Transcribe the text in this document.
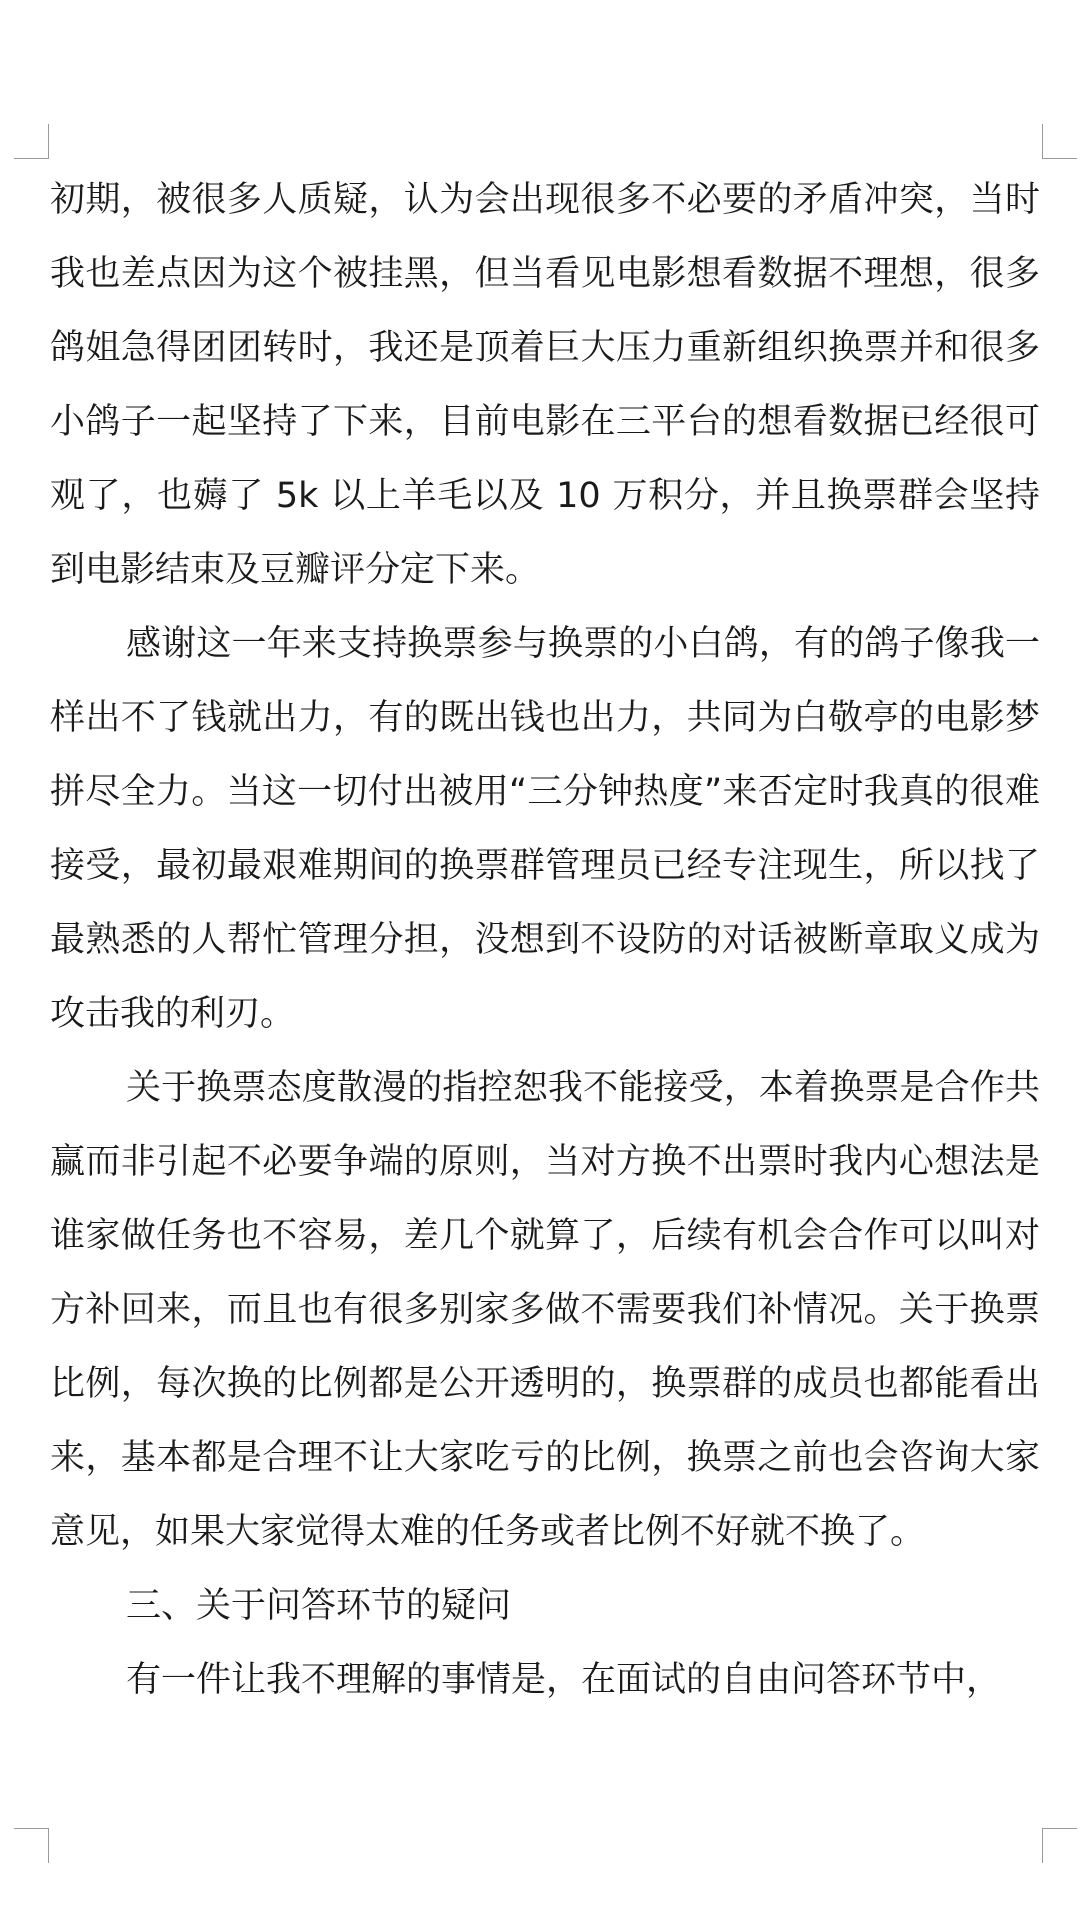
初期，被很多人质疑，认为会出现很多不必要的矛盾冲突，当时我也差点因为这个被挂黑，但当看见电影想看数据不理想，很多鸽姐急得团团转时，我还是顶着巨大压力重新组织换票并和很多小鸽子一起坚持了下来，目前电影在三平台的想看数据已经很可观了，也薅了 5k 以上羊毛以及 10 万积分，并且换票群会坚持到电影结束及豆瓣评分定下来。

感谢这一年来支持换票参与换票的小白鸽，有的鸽子像我一样出不了钱就出力，有的既出钱也出力，共同为白敬亭的电影梦拼尽全力。当这一切付出被用“三分钟热度”来否定时我真的很难接受，最初最艰难期间的换票群管理员已经专注现生，所以找了最熟悉的人帮忙管理分担，没想到不设防的对话被断章取义成为攻击我的利刃。

关于换票态度散漫的指控恕我不能接受，本着换票是合作共赢而非引起不必要争端的原则，当对方换不出票时我内心想法是谁家做任务也不容易，差几个就算了，后续有机会合作可以叫对方补回来，而且也有很多别家多做不需要我们补情况。关于换票比例，每次换的比例都是公开透明的，换票群的成员也都能看出来，基本都是合理不让大家吃亏的比例，换票之前也会咨询大家意见，如果大家觉得太难的任务或者比例不好就不换了。

三、关于问答环节的疑问

有一件让我不理解的事情是，在面试的自由问答环节中，
